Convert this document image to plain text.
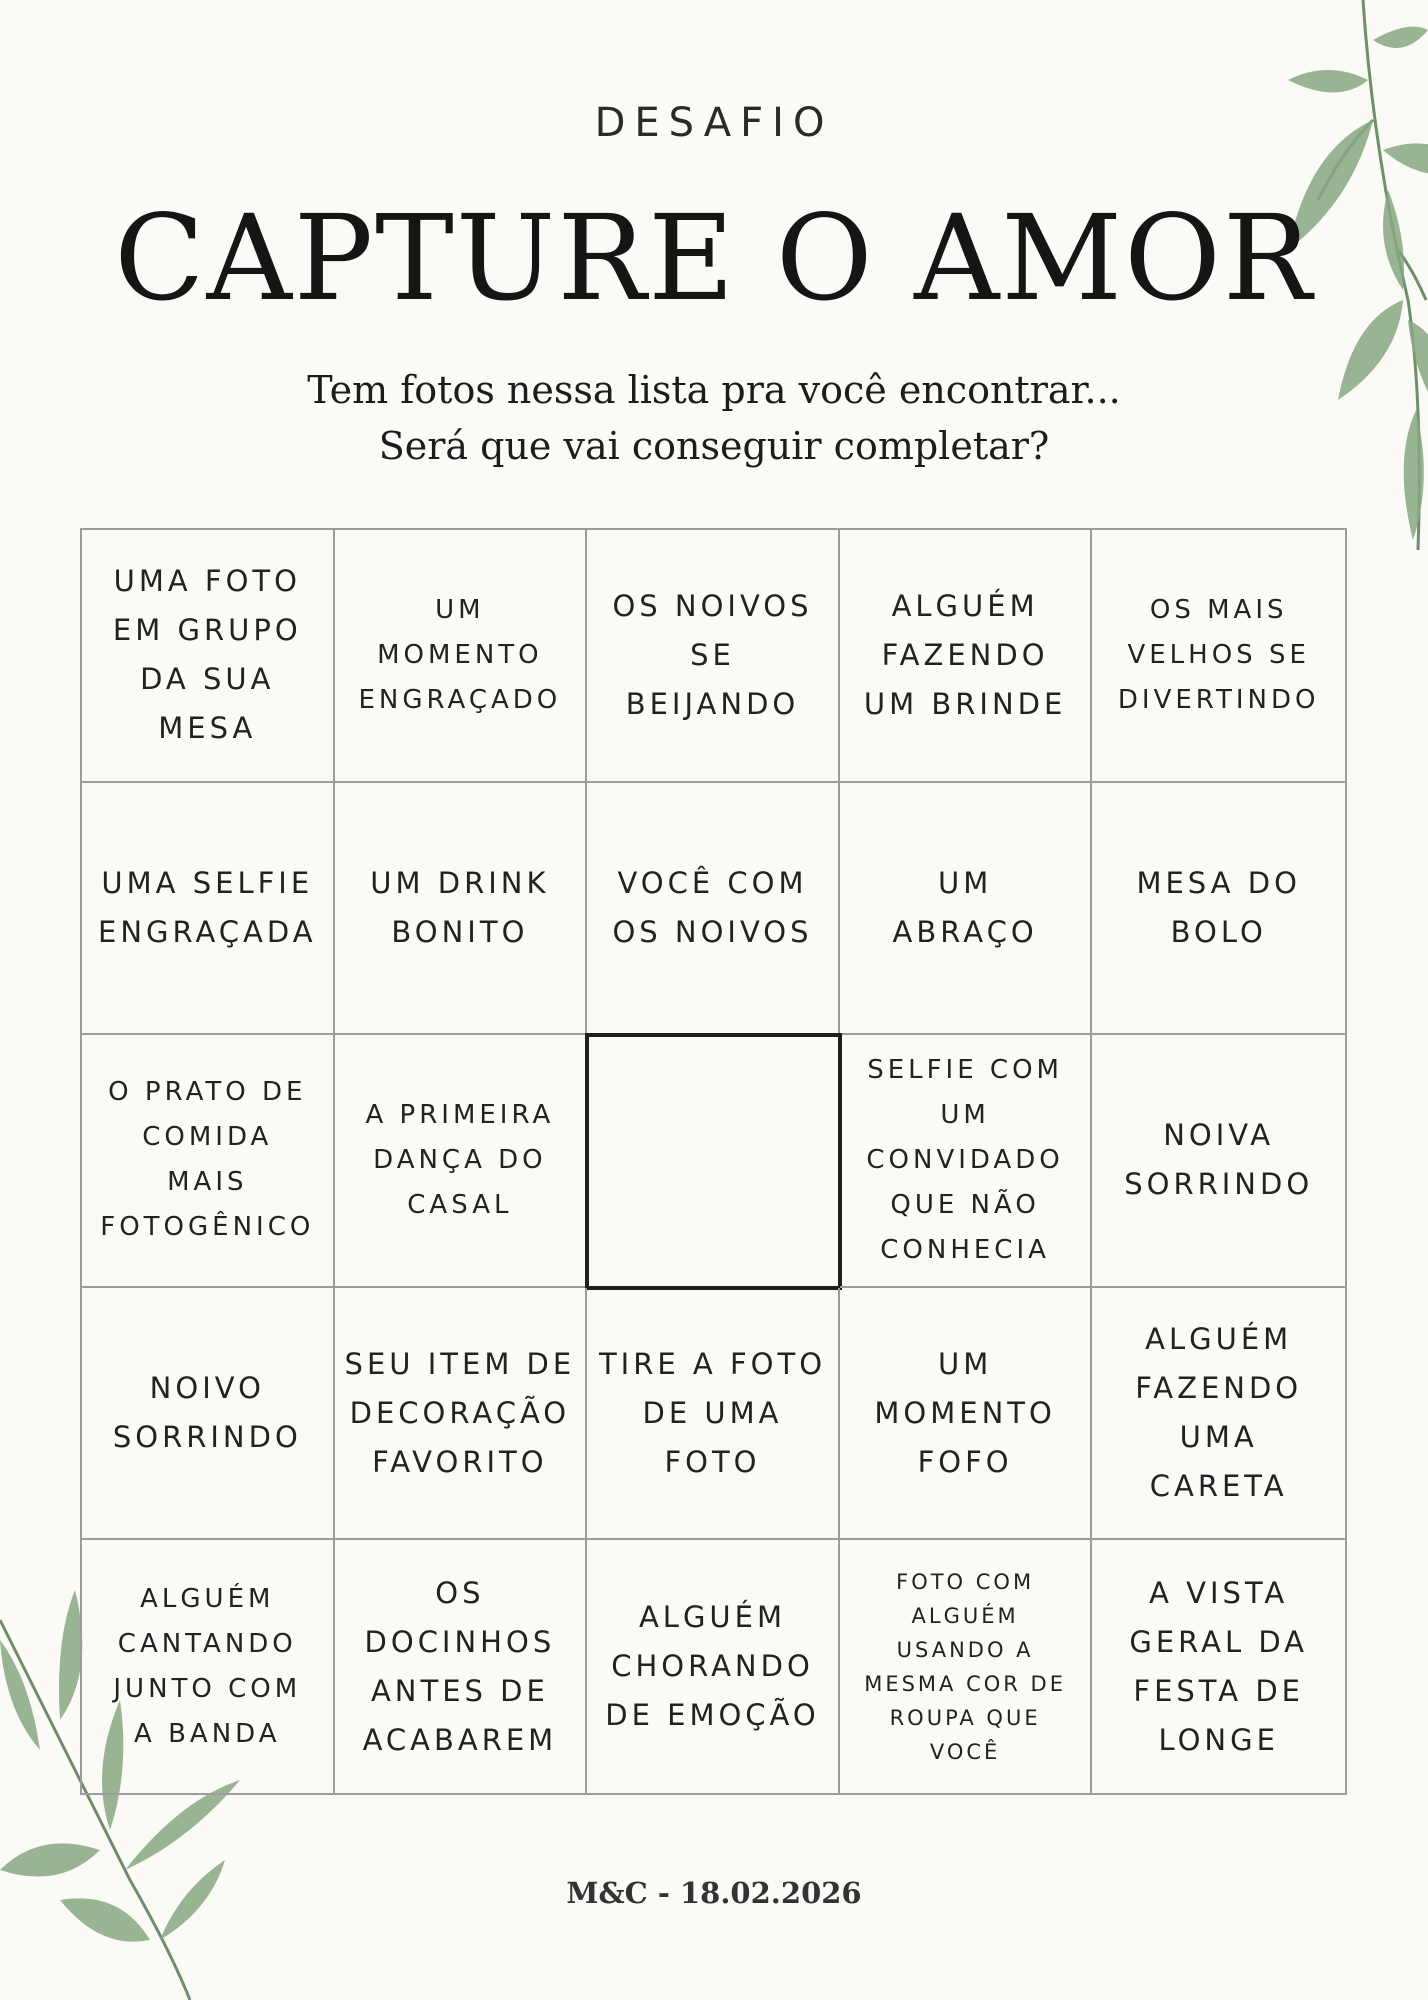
DESAFIO
CAPTURE O AMOR
Tem fotos nessa lista pra você encontrar...
Será que vai conseguir completar?
UMA FOTO
EM GRUPO
DA SUA
MESA
UM
MOMENTO
ENGRAÇADO
OS NOIVOS
SE
BEIJANDO
ALGUÉM
FAZENDO
UM BRINDE
OS MAIS
VELHOS SE
DIVERTINDO
UMA SELFIE
ENGRAÇADA
UM DRINK
BONITO
VOCÊ COM
OS NOIVOS
UM
ABRAÇO
MESA DO
BOLO
O PRATO DE
COMIDA
MAIS
FOTOGÊNICO
A PRIMEIRA
DANÇA DO
CASAL
SELFIE COM
UM
CONVIDADO
QUE NÃO
CONHECIA
NOIVA
SORRINDO
NOIVO
SORRINDO
SEU ITEM DE
DECORAÇÃO
FAVORITO
TIRE A FOTO
DE UMA
FOTO
UM
MOMENTO
FOFO
ALGUÉM
FAZENDO
UMA
CARETA
ALGUÉM
CANTANDO
JUNTO COM
A BANDA
OS
DOCINHOS
ANTES DE
ACABAREM
ALGUÉM
CHORANDO
DE EMOÇÃO
FOTO COM
ALGUÉM
USANDO A
MESMA COR DE
ROUPA QUE
VOCÊ
A VISTA
GERAL DA
FESTA DE
LONGE
M&C - 18.02.2026
